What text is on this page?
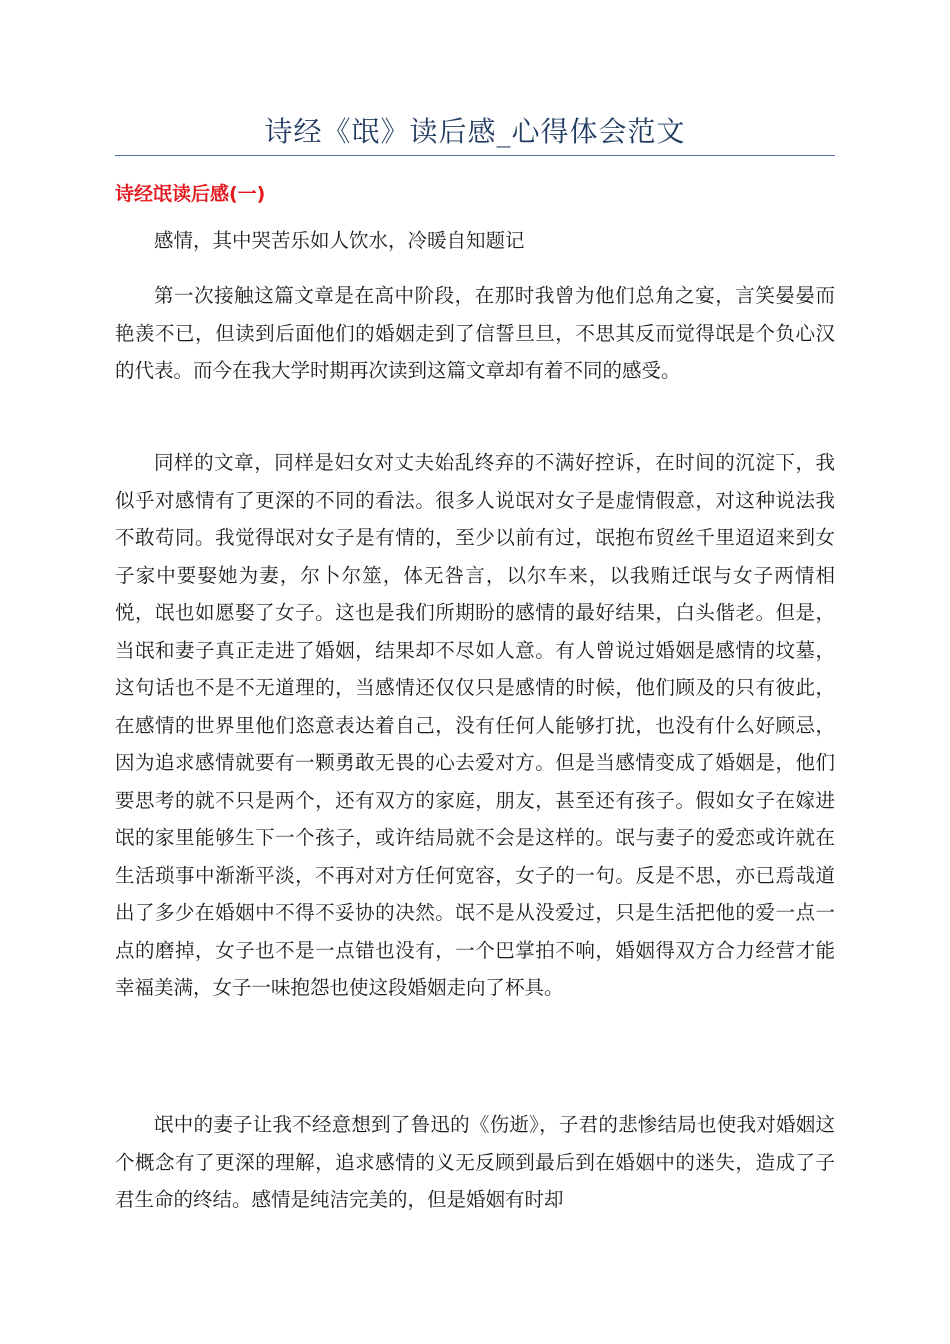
诗经《氓》读后感_心得体会范文
诗经氓读后感(一)

感情，其中哭苦乐如人饮水，冷暖自知题记

第一次接触这篇文章是在高中阶段，在那时我曾为他们总角之宴，言笑晏晏而艳羡不已，但读到后面他们的婚姻走到了信誓旦旦，不思其反而觉得氓是个负心汉的代表。而今在我大学时期再次读到这篇文章却有着不同的感受。

同样的文章，同样是妇女对丈夫始乱终弃的不满好控诉，在时间的沉淀下，我似乎对感情有了更深的不同的看法。很多人说氓对女子是虚情假意，对这种说法我不敢苟同。我觉得氓对女子是有情的，至少以前有过，氓抱布贸丝千里迢迢来到女子家中要娶她为妻，尔卜尔筮，体无咎言，以尔车来，以我贿迁氓与女子两情相悦，氓也如愿娶了女子。这也是我们所期盼的感情的最好结果，白头偕老。但是，当氓和妻子真正走进了婚姻，结果却不尽如人意。有人曾说过婚姻是感情的坟墓，这句话也不是不无道理的，当感情还仅仅只是感情的时候，他们顾及的只有彼此，在感情的世界里他们恣意表达着自己，没有任何人能够打扰，也没有什么好顾忌，因为追求感情就要有一颗勇敢无畏的心去爱对方。但是当感情变成了婚姻是，他们要思考的就不只是两个，还有双方的家庭，朋友，甚至还有孩子。假如女子在嫁进氓的家里能够生下一个孩子，或许结局就不会是这样的。氓与妻子的爱恋或许就在生活琐事中渐渐平淡，不再对对方任何宽容，女子的一句。反是不思，亦已焉哉道出了多少在婚姻中不得不妥协的决然。氓不是从没爱过，只是生活把他的爱一点一点的磨掉，女子也不是一点错也没有，一个巴掌拍不响，婚姻得双方合力经营才能幸福美满，女子一味抱怨也使这段婚姻走向了杯具。

氓中的妻子让我不经意想到了鲁迅的《伤逝》，子君的悲惨结局也使我对婚姻这个概念有了更深的理解，追求感情的义无反顾到最后到在婚姻中的迷失，造成了子君生命的终结。感情是纯洁完美的，但是婚姻有时却
